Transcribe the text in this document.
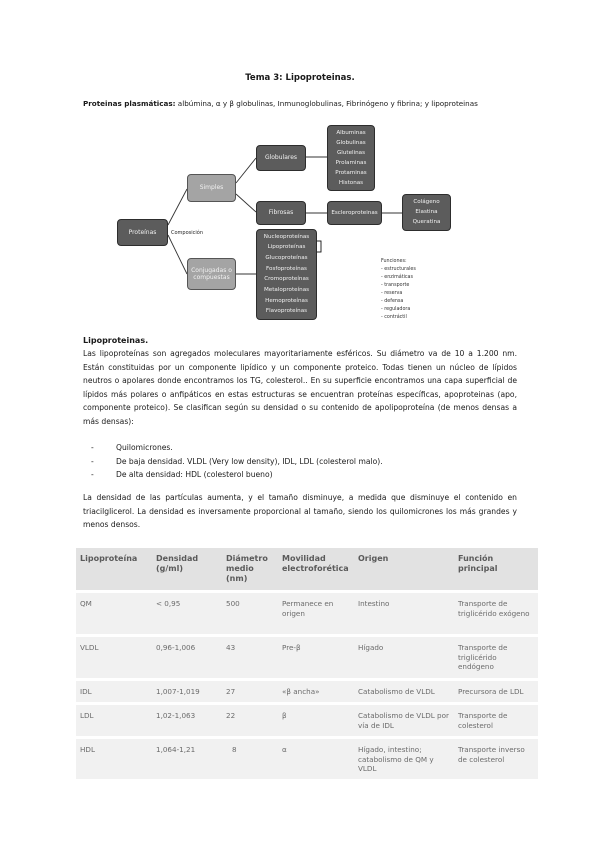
Tema 3: Lipoproteinas.
Proteinas plasmáticas: albúmina, α y β globulinas, Inmunoglobulinas, Fibrinógeno y fibrina; y lipoproteinas
Proteínas	Composición
Simples
Conjugadas o compuestas
Globulares
Fibrosas
Albuminas
Globulinas
Glutelinas
Prolaminas
Protaminas
Histonas
Escleroproteinas
Colágeno
Elastina
Queratina
Nucleoproteínas
Lipoproteínas
Glucoproteínas
Fosfoproteínas
Cromoproteínas
Metaloproteínas
Hemoproteínas
Flavoproteínas
Funciones:
- estructurales
- enzimáticas
- transporte
- reserva
- defensa
- reguladora
- contráctil
Lipoproteinas.
Las lipoproteínas son agregados moleculares mayoritariamente esféricos. Su diámetro va de 10 a 1.200 nm. Están constituidas por un componente lipídico y un componente proteico. Todas tienen un núcleo de lípidos neutros o apolares donde encontramos los TG, colesterol.. En su superficie encontramos una capa superficial de lípidos más polares o anfipáticos en estas estructuras se encuentran proteínas específicas, apoproteinas (apo, componente proteico). Se clasifican según su densidad o su contenido de apolipoproteína (de menos densas a más densas):
-	Quilomicrones.
-	De baja densidad. VLDL (Very low density), IDL, LDL (colesterol malo).
-	De alta densidad: HDL (colesterol bueno)
La densidad de las partículas aumenta, y el tamaño disminuye, a medida que disminuye el contenido en triacilglicerol. La densidad es inversamente proporcional al tamaño, siendo los quilomicrones los más grandes y menos densos.
Lipoproteína	Densidad (g/ml)	Diámetro medio (nm)	Movilidad electroforética	Origen	Función principal
QM	< 0,95	500	Permanece en origen	Intestino	Transporte de triglicérido exógeno
VLDL	0,96-1,006	43	Pre-β	Hígado	Transporte de triglicérido endógeno
IDL	1,007-1,019	27	«β ancha»	Catabolismo de VLDL	Precursora de LDL
LDL	1,02-1,063	22	β	Catabolismo de VLDL por vía de IDL	Transporte de colesterol
HDL	1,064-1,21	8	α	Hígado, intestino; catabolismo de QM y VLDL	Transporte inverso de colesterol
